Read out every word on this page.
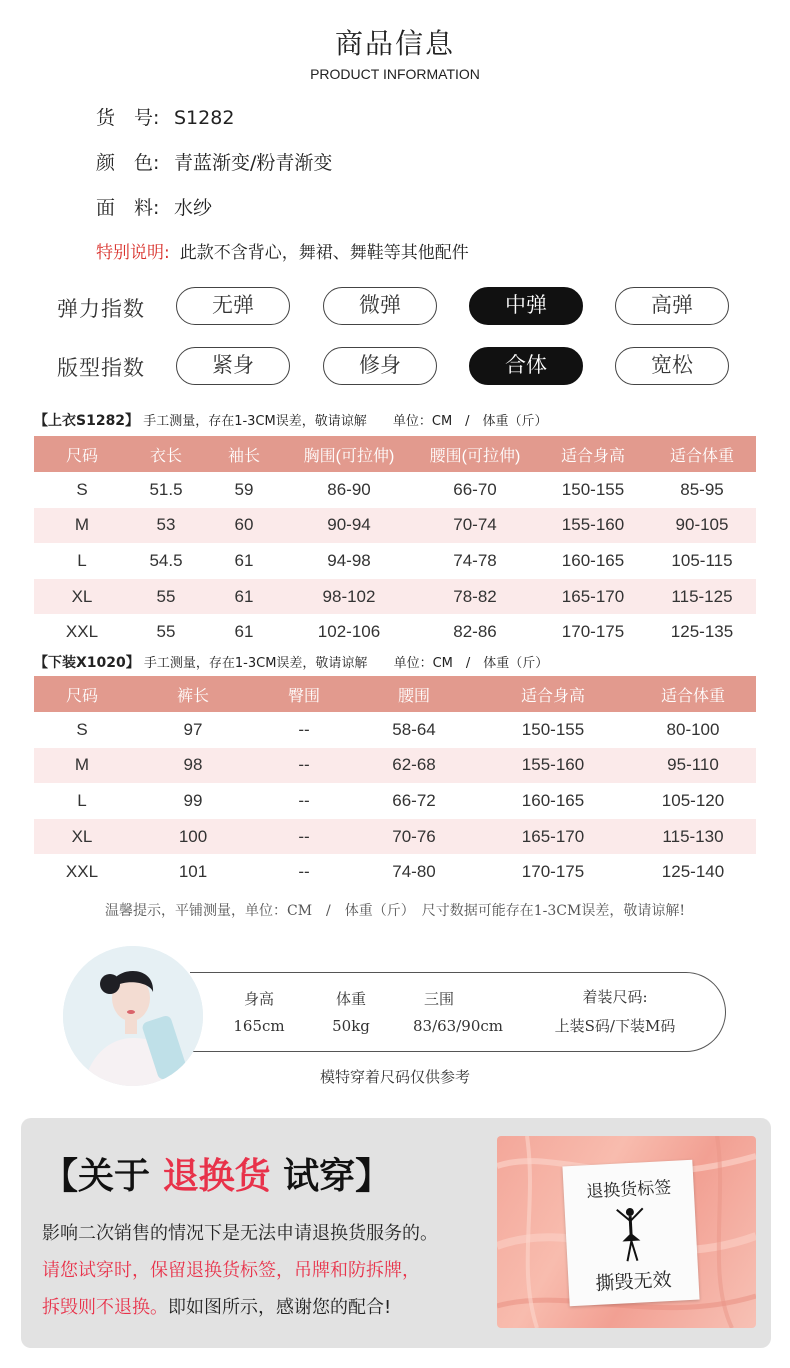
商品信息
PRODUCT INFORMATION
货　号: S1282
颜　色: 青蓝渐变/粉青渐变
面　料: 水纱
特别说明: 此款不含背心，舞裙、舞鞋等其他配件
弹力指数	无弹	微弹	中弹	高弹
版型指数	紧身	修身	合体	宽松
【上衣S1282】 手工测量，存在1-3CM误差，敬请谅解 单位：CM　/　体重（斤）
尺码	衣长	袖长	胸围(可拉伸)	腰围(可拉伸)	适合身高	适合体重
S	51.5	59	86-90	66-70	150-155	85-95
M	53	60	90-94	70-74	155-160	90-105
L	54.5	61	94-98	74-78	160-165	105-115
XL	55	61	98-102	78-82	165-170	115-125
XXL	55	61	102-106	82-86	170-175	125-135
【下装X1020】 手工测量，存在1-3CM误差，敬请谅解 单位：CM　/　体重（斤）
尺码	裤长	臀围	腰围	适合身高	适合体重
S	97	--	58-64	150-155	80-100
M	98	--	62-68	155-160	95-110
L	99	--	66-72	160-165	105-120
XL	100	--	70-76	165-170	115-130
XXL	101	--	74-80	170-175	125-140
温馨提示，平铺测量，单位：CM　/　体重（斤）　尺寸数据可能存在1-3CM误差，敬请谅解!
身高
165cm
体重
50kg
三围
83/63/90cm
着装尺码:
上装S码/下装M码
模特穿着尺码仅供参考
【关于 退换货 试穿】
影响二次销售的情况下是无法申请退换货服务的。
请您试穿时，保留退换货标签，吊牌和防拆牌，
拆毁则不退换。即如图所示，感谢您的配合!
退换货标签
撕毁无效
